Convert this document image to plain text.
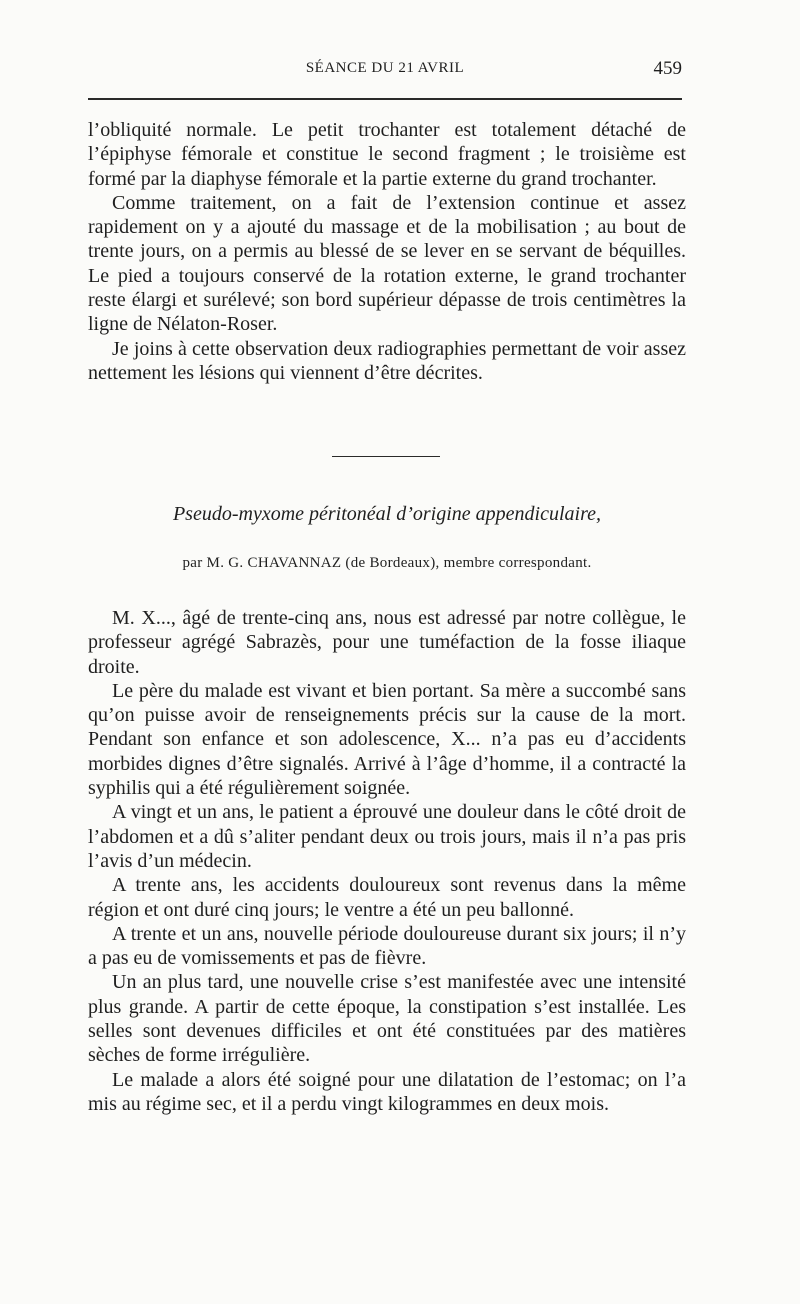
SÉANCE DU 21 AVRIL	459

l’obliquité normale. Le petit trochanter est totalement détaché de l’épiphyse fémorale et constitue le second fragment ; le troisième est formé par la diaphyse fémorale et la partie externe du grand trochanter.

Comme traitement, on a fait de l’extension continue et assez rapidement on y a ajouté du massage et de la mobilisation ; au bout de trente jours, on a permis au blessé de se lever en se servant de béquilles. Le pied a toujours conservé de la rotation externe, le grand trochanter reste élargi et surélevé; son bord supérieur dépasse de trois centimètres la ligne de Nélaton-Roser.

Je joins à cette observation deux radiographies permettant de voir assez nettement les lésions qui viennent d’être décrites.

Pseudo-myxome péritonéal d’origine appendiculaire,
par M. G. CHAVANNAZ (de Bordeaux), membre correspondant.

M. X..., âgé de trente-cinq ans, nous est adressé par notre collègue, le professeur agrégé Sabrazès, pour une tuméfaction de la fosse iliaque droite.

Le père du malade est vivant et bien portant. Sa mère a succombé sans qu’on puisse avoir de renseignements précis sur la cause de la mort. Pendant son enfance et son adolescence, X... n’a pas eu d’accidents morbides dignes d’être signalés. Arrivé à l’âge d’homme, il a contracté la syphilis qui a été régulièrement soignée.

A vingt et un ans, le patient a éprouvé une douleur dans le côté droit de l’abdomen et a dû s’aliter pendant deux ou trois jours, mais il n’a pas pris l’avis d’un médecin.

A trente ans, les accidents douloureux sont revenus dans la même région et ont duré cinq jours; le ventre a été un peu ballonné.

A trente et un ans, nouvelle période douloureuse durant six jours; il n’y a pas eu de vomissements et pas de fièvre.

Un an plus tard, une nouvelle crise s’est manifestée avec une intensité plus grande. A partir de cette époque, la constipation s’est installée. Les selles sont devenues difficiles et ont été constituées par des matières sèches de forme irrégulière.

Le malade a alors été soigné pour une dilatation de l’estomac; on l’a mis au régime sec, et il a perdu vingt kilogrammes en deux mois.
